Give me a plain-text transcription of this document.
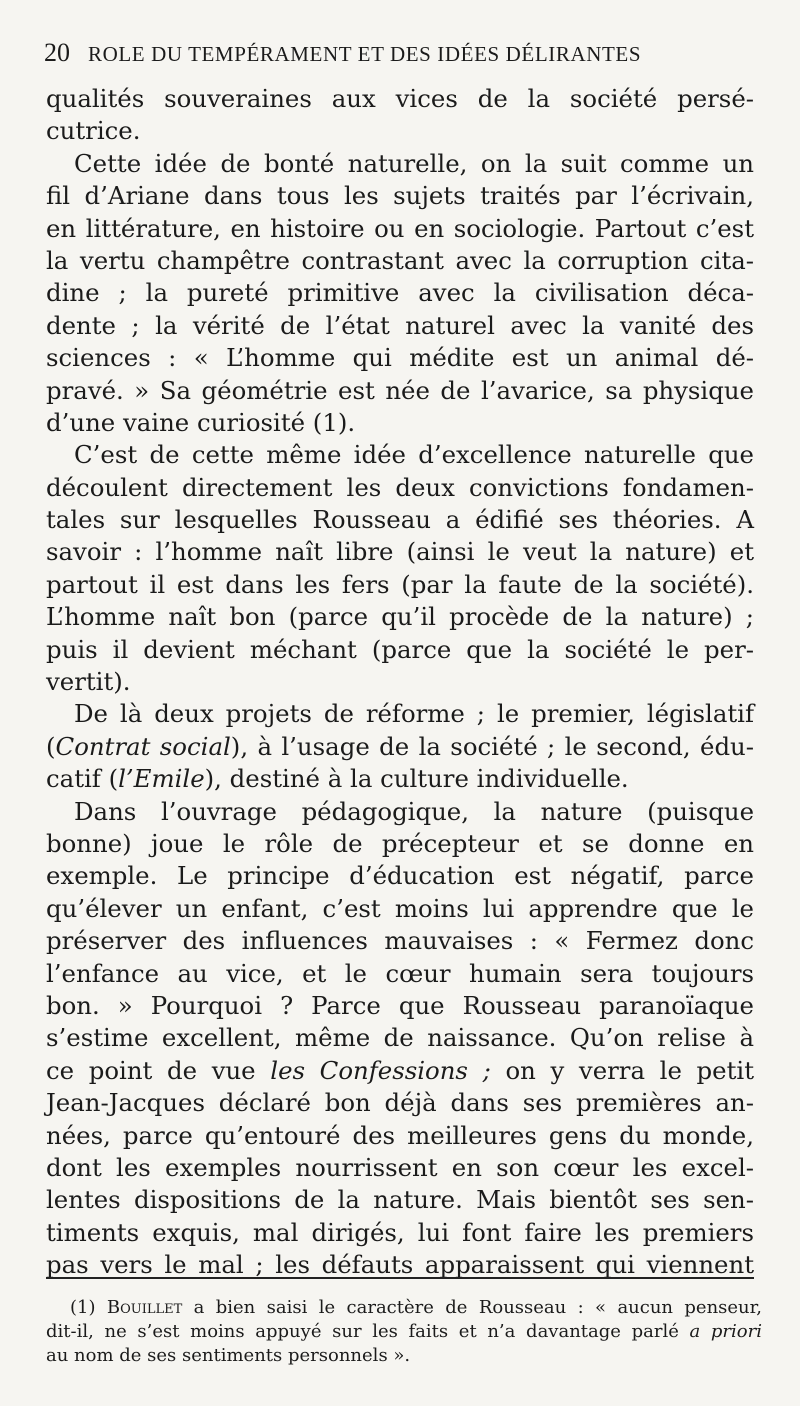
20 ROLE DU TEMPÉRAMENT ET DES IDÉES DÉLIRANTES
qualités souveraines aux vices de la société persé-
cutrice.
Cette idée de bonté naturelle, on la suit comme un
fil d’Ariane dans tous les sujets traités par l’écrivain,
en littérature, en histoire ou en sociologie. Partout c’est
la vertu champêtre contrastant avec la corruption cita-
dine ; la pureté primitive avec la civilisation déca-
dente ; la vérité de l’état naturel avec la vanité des
sciences : « L’homme qui médite est un animal dé-
pravé. » Sa géométrie est née de l’avarice, sa physique
d’une vaine curiosité (1).
C’est de cette même idée d’excellence naturelle que
découlent directement les deux convictions fondamen-
tales sur lesquelles Rousseau a édifié ses théories. A
savoir : l’homme naît libre (ainsi le veut la nature) et
partout il est dans les fers (par la faute de la société).
L’homme naît bon (parce qu’il procède de la nature) ;
puis il devient méchant (parce que la société le per-
vertit).
De là deux projets de réforme ; le premier, législatif
(Contrat social), à l’usage de la société ; le second, édu-
catif (l’Emile), destiné à la culture individuelle.
Dans l’ouvrage pédagogique, la nature (puisque
bonne) joue le rôle de précepteur et se donne en
exemple. Le principe d’éducation est négatif, parce
qu’élever un enfant, c’est moins lui apprendre que le
préserver des influences mauvaises : « Fermez donc
l’enfance au vice, et le cœur humain sera toujours
bon. » Pourquoi ? Parce que Rousseau paranoïaque
s’estime excellent, même de naissance. Qu’on relise à
ce point de vue les Confessions ; on y verra le petit
Jean-Jacques déclaré bon déjà dans ses premières an-
nées, parce qu’entouré des meilleures gens du monde,
dont les exemples nourrissent en son cœur les excel-
lentes dispositions de la nature. Mais bientôt ses sen-
timents exquis, mal dirigés, lui font faire les premiers
pas vers le mal ; les défauts apparaissent qui viennent
(1) Bouillet a bien saisi le caractère de Rousseau : « aucun penseur,
dit-il, ne s’est moins appuyé sur les faits et n’a davantage parlé a priori
au nom de ses sentiments personnels ».
